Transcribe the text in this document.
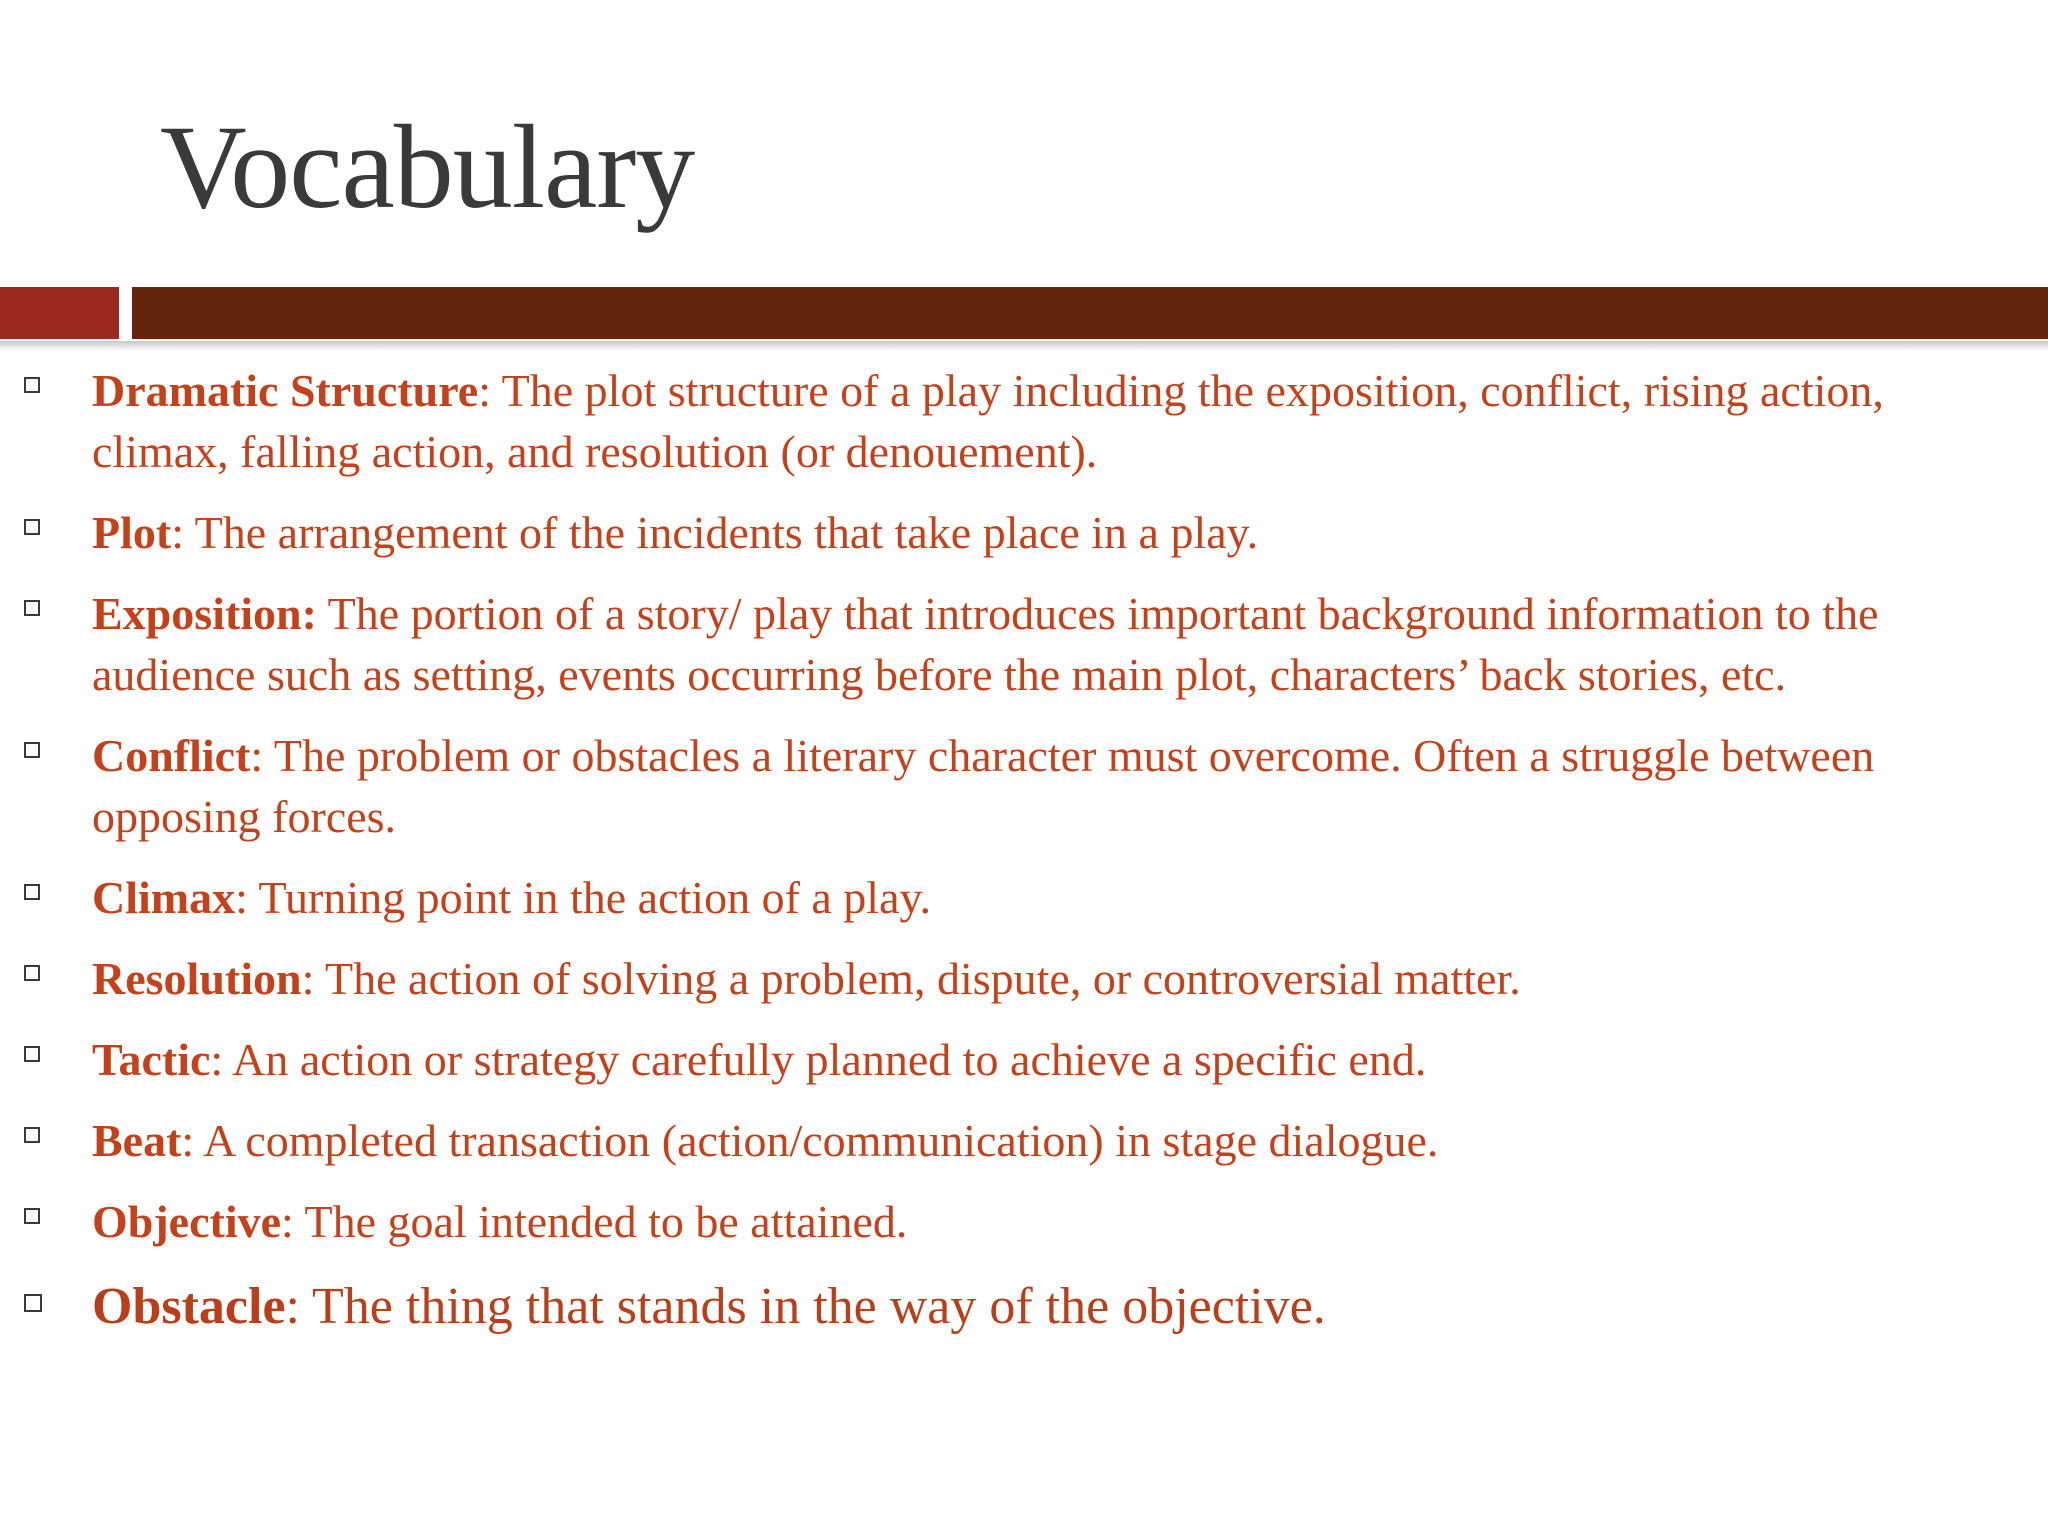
Vocabulary
Dramatic Structure: The plot structure of a play including the exposition, conflict, rising action, climax, falling action, and resolution (or denouement).
Plot: The arrangement of the incidents that take place in a play.
Exposition: The portion of a story/ play that introduces important background information to the audience such as setting, events occurring before the main plot, characters’ back stories, etc.
Conflict: The problem or obstacles a literary character must overcome. Often a struggle between opposing forces.
Climax: Turning point in the action of a play.
Resolution: The action of solving a problem, dispute, or controversial matter.
Tactic: An action or strategy carefully planned to achieve a specific end.
Beat: A completed transaction (action/communication) in stage dialogue.
Objective: The goal intended to be attained.
Obstacle: The thing that stands in the way of the objective.
